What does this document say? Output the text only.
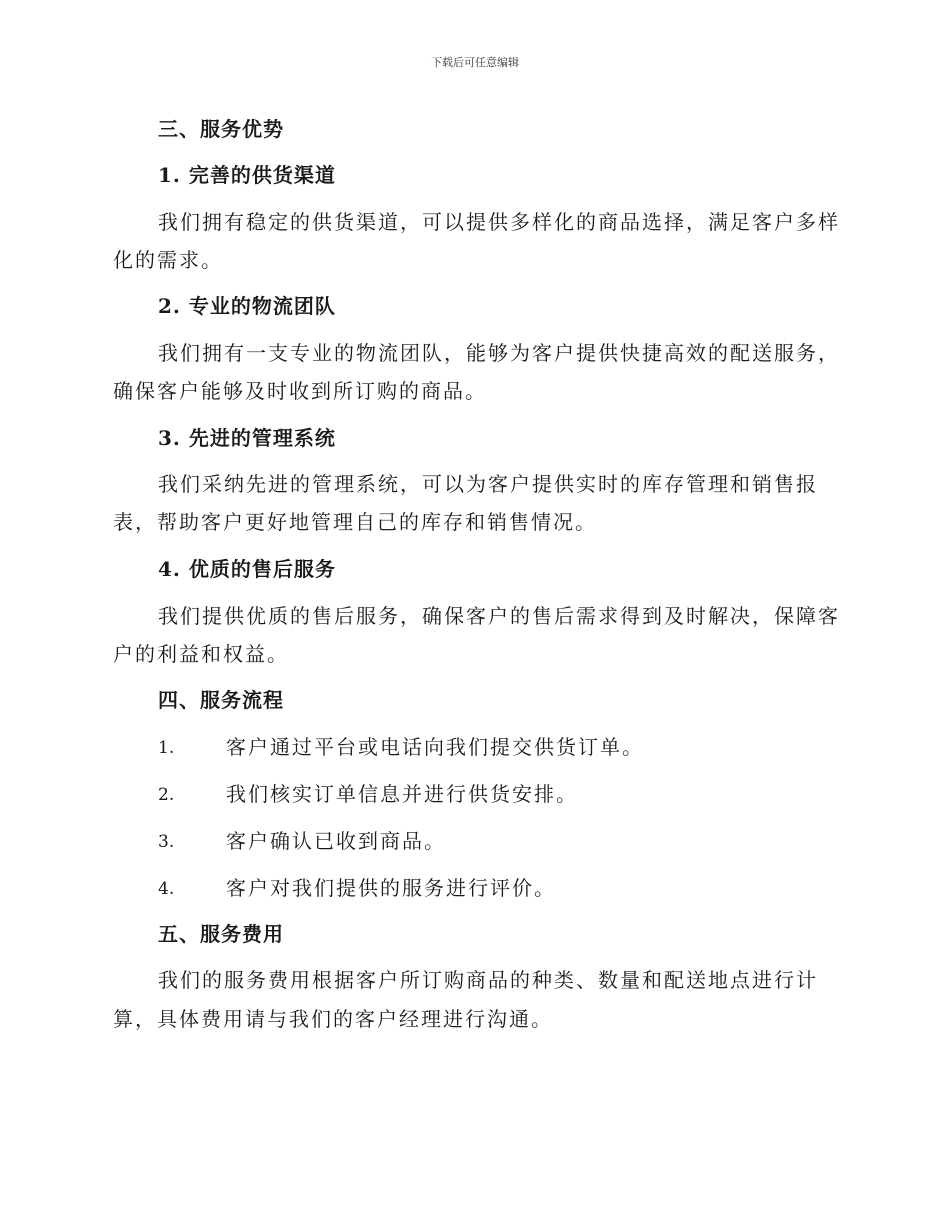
下载后可任意编辑
三、服务优势
1. 完善的供货渠道
我们拥有稳定的供货渠道，可以提供多样化的商品选择，满足客户多样
化的需求。
2. 专业的物流团队
我们拥有一支专业的物流团队，能够为客户提供快捷高效的配送服务，
确保客户能够及时收到所订购的商品。
3. 先进的管理系统
我们采纳先进的管理系统，可以为客户提供实时的库存管理和销售报
表，帮助客户更好地管理自己的库存和销售情况。
4. 优质的售后服务
我们提供优质的售后服务，确保客户的售后需求得到及时解决，保障客
户的利益和权益。
四、服务流程
1.	客户通过平台或电话向我们提交供货订单。
2.	我们核实订单信息并进行供货安排。
3.	客户确认已收到商品。
4.	客户对我们提供的服务进行评价。
五、服务费用
我们的服务费用根据客户所订购商品的种类、数量和配送地点进行计
算，具体费用请与我们的客户经理进行沟通。
